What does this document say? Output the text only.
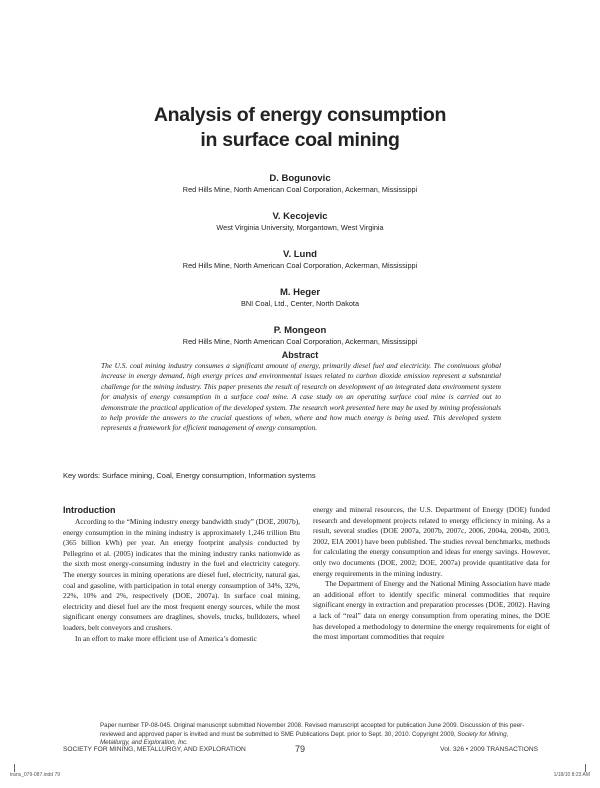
Analysis of energy consumption
in surface coal mining
D. Bogunovic
Red Hills Mine, North American Coal Corporation, Ackerman, Mississippi
V. Kecojevic
West Virginia University, Morgantown, West Virginia
V. Lund
Red Hills Mine, North American Coal Corporation, Ackerman, Mississippi
M. Heger
BNI Coal, Ltd., Center, North Dakota
P. Mongeon
Red Hills Mine, North American Coal Corporation, Ackerman, Mississippi
Abstract
The U.S. coal mining industry consumes a significant amount of energy, primarily diesel fuel and electricity. The continuous global increase in energy demand, high energy prices and environmental issues related to carbon dioxide emission represent a substantial challenge for the mining industry. This paper presents the result of research on development of an integrated data environment system for analysis of energy consumption in a surface coal mine. A case study on an operating surface coal mine is carried out to demonstrate the practical application of the developed system. The research work presented here may be used by mining professionals to help provide the answers to the crucial questions of when, where and how much energy is being used. This developed system represents a framework for efficient management of energy consumption.
Key words: Surface mining, Coal, Energy consumption, Information systems
Introduction

According to the “Mining industry energy bandwidth study” (DOE, 2007b), energy consumption in the mining industry is approximately 1,246 trillion Btu (365 billion kWh) per year. An energy footprint analysis conducted by Pellegrino et al. (2005) indicates that the mining industry ranks nationwide as the sixth most energy-consuming industry in the fuel and electricity category. The energy sources in mining operations are diesel fuel, electricity, natural gas, coal and gasoline, with participation in total energy consumption of 34%, 32%, 22%, 10% and 2%, respectively (DOE, 2007a). In surface coal mining, electricity and diesel fuel are the most frequent energy sources, while the most significant energy consumers are draglines, shovels, trucks, bulldozers, wheel loaders, belt conveyors and crushers.

In an effort to make more efficient use of America’s domestic

energy and mineral resources, the U.S. Department of Energy (DOE) funded research and development projects related to energy efficiency in mining. As a result, several studies (DOE 2007a, 2007b, 2007c, 2006, 2004a, 2004b, 2003, 2002, EIA 2001) have been published. The studies reveal benchmarks, methods for calculating the energy consumption and ideas for energy savings. However, only two documents (DOE, 2002; DOE, 2007a) provide quantitative data for energy requirements in the mining industry.

The Department of Energy and the National Mining Association have made an additional effort to identify specific mineral commodities that require significant energy in extraction and preparation processes (DOE, 2002). Having a lack of “real” data on energy consumption from operating mines, the DOE has developed a methodology to determine the energy requirements for eight of the most important commodities that require

Paper number TP-08-045. Original manuscript submitted November 2008. Revised manuscript accepted for publication June 2009. Discussion of this peer-reviewed and approved paper is invited and must be submitted to SME Publications Dept. prior to Sept. 30, 2010. Copyright 2009, Society for Mining, Metallurgy, and Exploration, Inc.
SOCIETY FOR MINING, METALLURGY, AND EXPLORATION	79	Vol. 326 • 2009 TRANSACTIONS
trans_079-087.indd 79	1/18/10 8:23 AM
